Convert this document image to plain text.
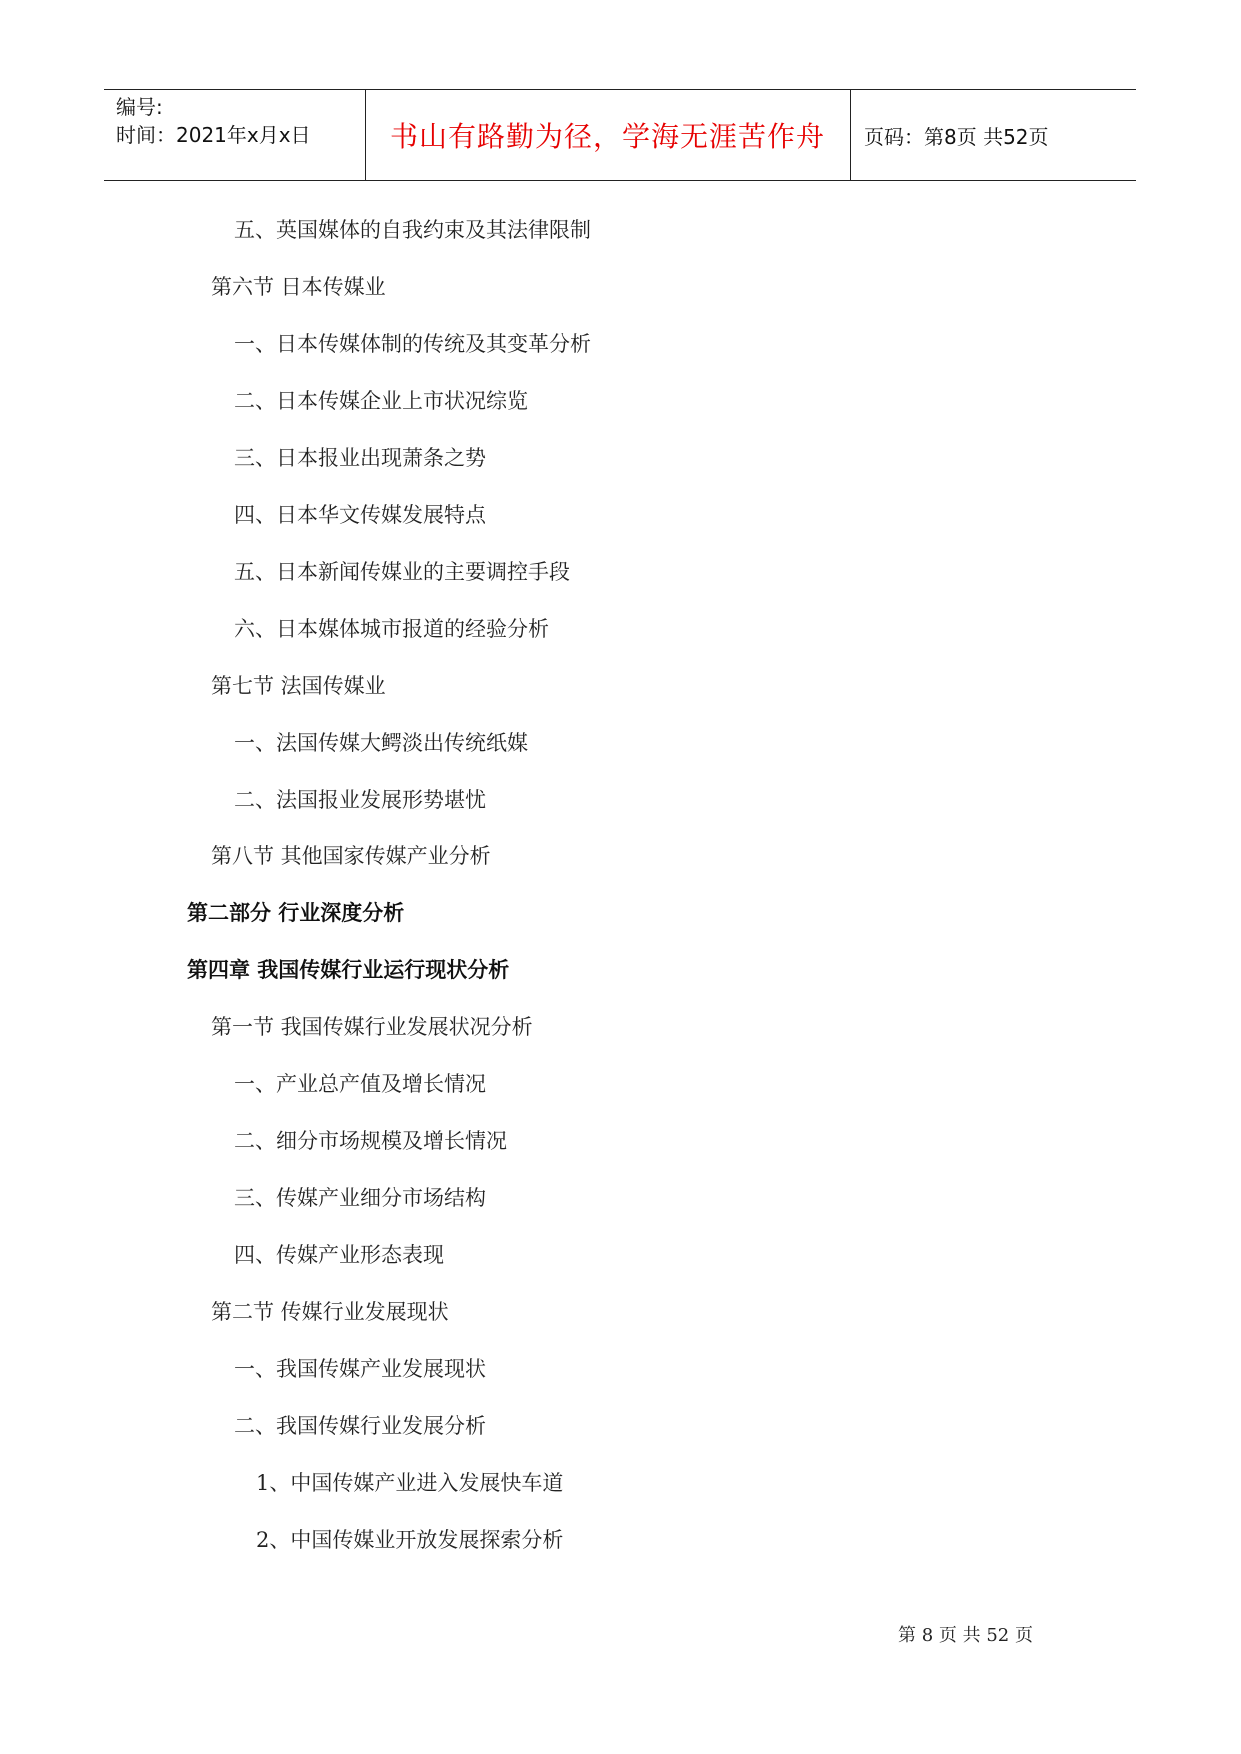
编号:
时间：2021年x月x日	书山有路勤为径，学海无涯苦作舟	页码：第8页 共52页
五、英国媒体的自我约束及其法律限制
第六节 日本传媒业
一、日本传媒体制的传统及其变革分析
二、日本传媒企业上市状况综览
三、日本报业出现萧条之势
四、日本华文传媒发展特点
五、日本新闻传媒业的主要调控手段
六、日本媒体城市报道的经验分析
第七节 法国传媒业
一、法国传媒大鳄淡出传统纸媒
二、法国报业发展形势堪忧
第八节 其他国家传媒产业分析
第二部分 行业深度分析
第四章 我国传媒行业运行现状分析
第一节 我国传媒行业发展状况分析
一、产业总产值及增长情况
二、细分市场规模及增长情况
三、传媒产业细分市场结构
四、传媒产业形态表现
第二节 传媒行业发展现状
一、我国传媒产业发展现状
二、我国传媒行业发展分析
1、中国传媒产业进入发展快车道
2、中国传媒业开放发展探索分析
第 8 页 共 52 页
